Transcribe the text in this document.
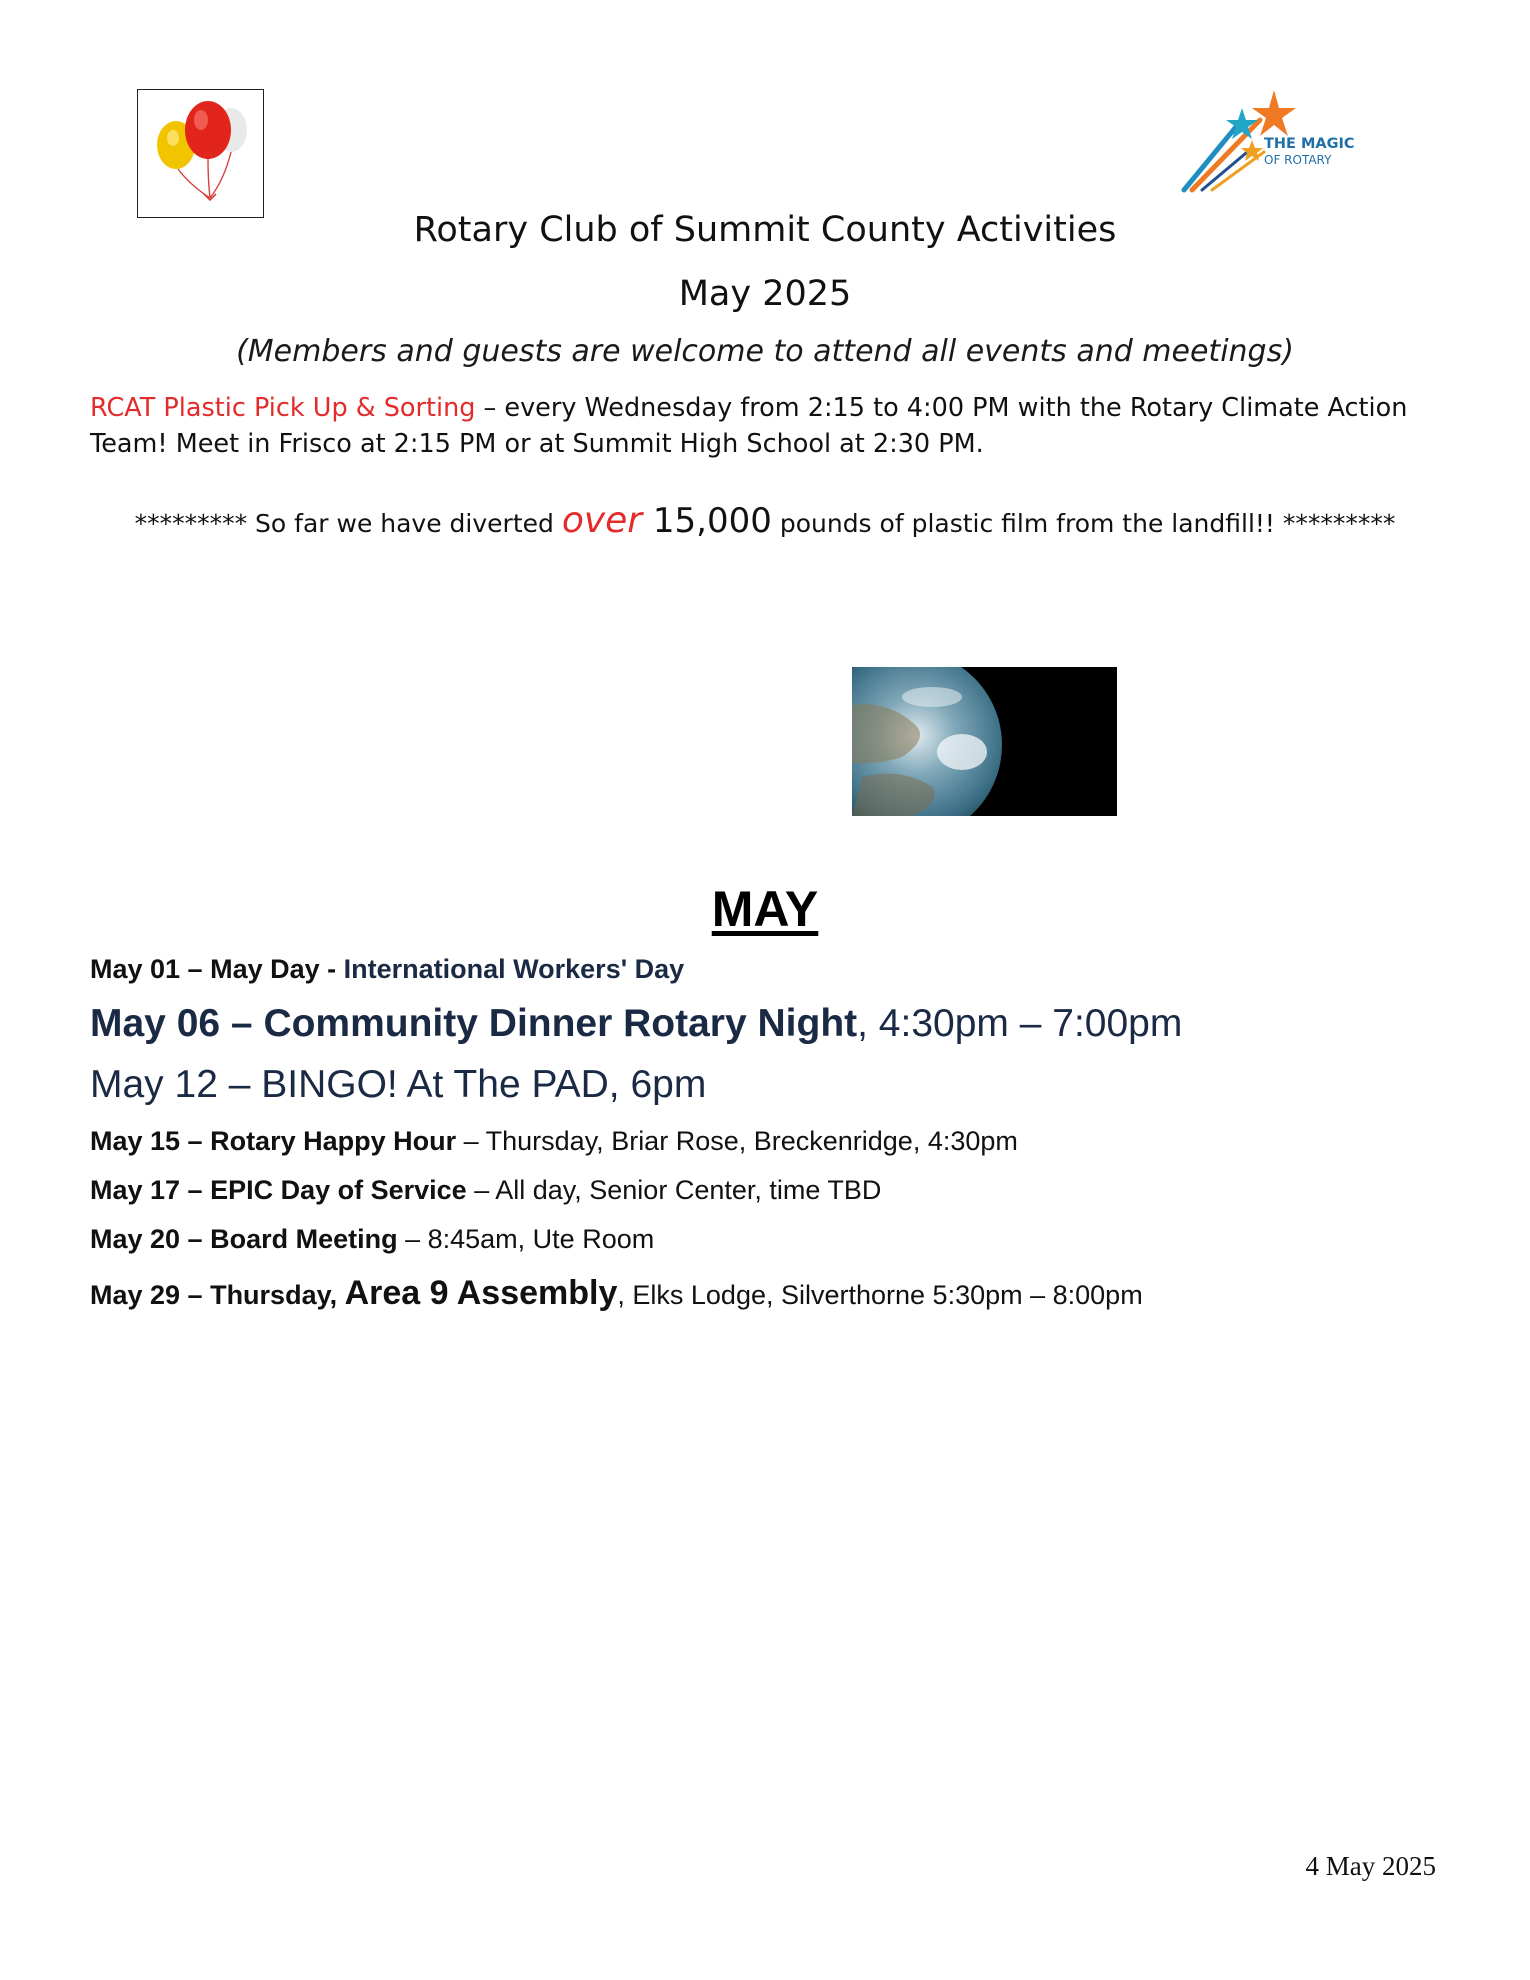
THE MAGIC
OF ROTARY
Rotary Club of Summit County Activities
May 2025
(Members and guests are welcome to attend all events and meetings)
RCAT Plastic Pick Up & Sorting – every Wednesday from 2:15 to 4:00 PM with the Rotary Climate Action Team! Meet in Frisco at 2:15 PM or at Summit High School at 2:30 PM.
********* So far we have diverted over 15,000 pounds of plastic film from the landfill!! *********
MAY
May 01 – May Day - International Workers' Day
May 06 – Community Dinner Rotary Night, 4:30pm – 7:00pm
May 12 – BINGO! At The PAD, 6pm
May 15 – Rotary Happy Hour – Thursday, Briar Rose, Breckenridge, 4:30pm
May 17 – EPIC Day of Service – All day, Senior Center, time TBD
May 20 – Board Meeting – 8:45am, Ute Room
May 29 – Thursday, Area 9 Assembly, Elks Lodge, Silverthorne 5:30pm – 8:00pm
4 May 2025
